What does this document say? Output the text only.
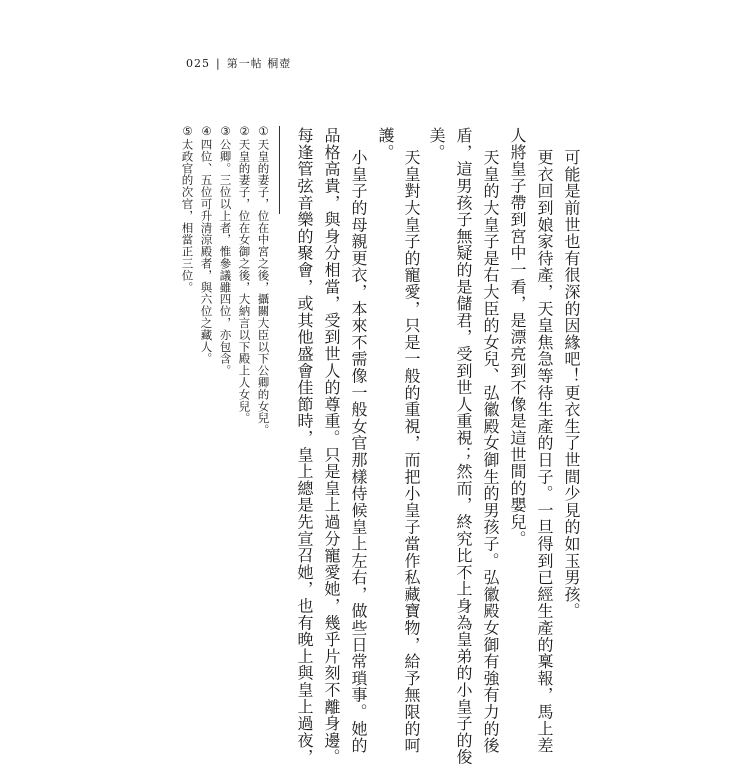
025 | 第一帖 桐壺
可能是前世也有很深的因緣吧！更衣生了世間少見的如玉男孩。
更衣回到娘家待產，天皇焦急等待生產的日子。一旦得到已經生產的稟報，馬上差
人將皇子帶到宮中一看，是漂亮到不像是這世間的嬰兒。
天皇的大皇子是右大臣的女兒、弘徽殿女御生的男孩子。弘徽殿女御有強有力的後
盾，這男孩子無疑的是儲君，受到世人重視；然而，終究比不上身為皇弟的小皇子的俊
美。
天皇對大皇子的寵愛，只是一般的重視，而把小皇子當作私藏寶物，給予無限的呵
護。
小皇子的母親更衣，本來不需像一般女官那樣侍候皇上左右，做些日常瑣事。她的
品格高貴，與身分相當，受到世人的尊重。只是皇上過分寵愛她，幾乎片刻不離身邊。
每逢管弦音樂的聚會，或其他盛會佳節時，皇上總是先宣召她，也有晚上與皇上過夜，
①天皇的妻子，位在中宮之後，攝關大臣以下公卿的女兒。
②天皇的妻子，位在女御之後，大納言以下殿上人女兒。
③公卿。三位以上者，惟參議雖四位，亦包含。
④四位、五位可升清涼殿者，與六位之藏人。
⑤太政官的次官，相當正三位。
